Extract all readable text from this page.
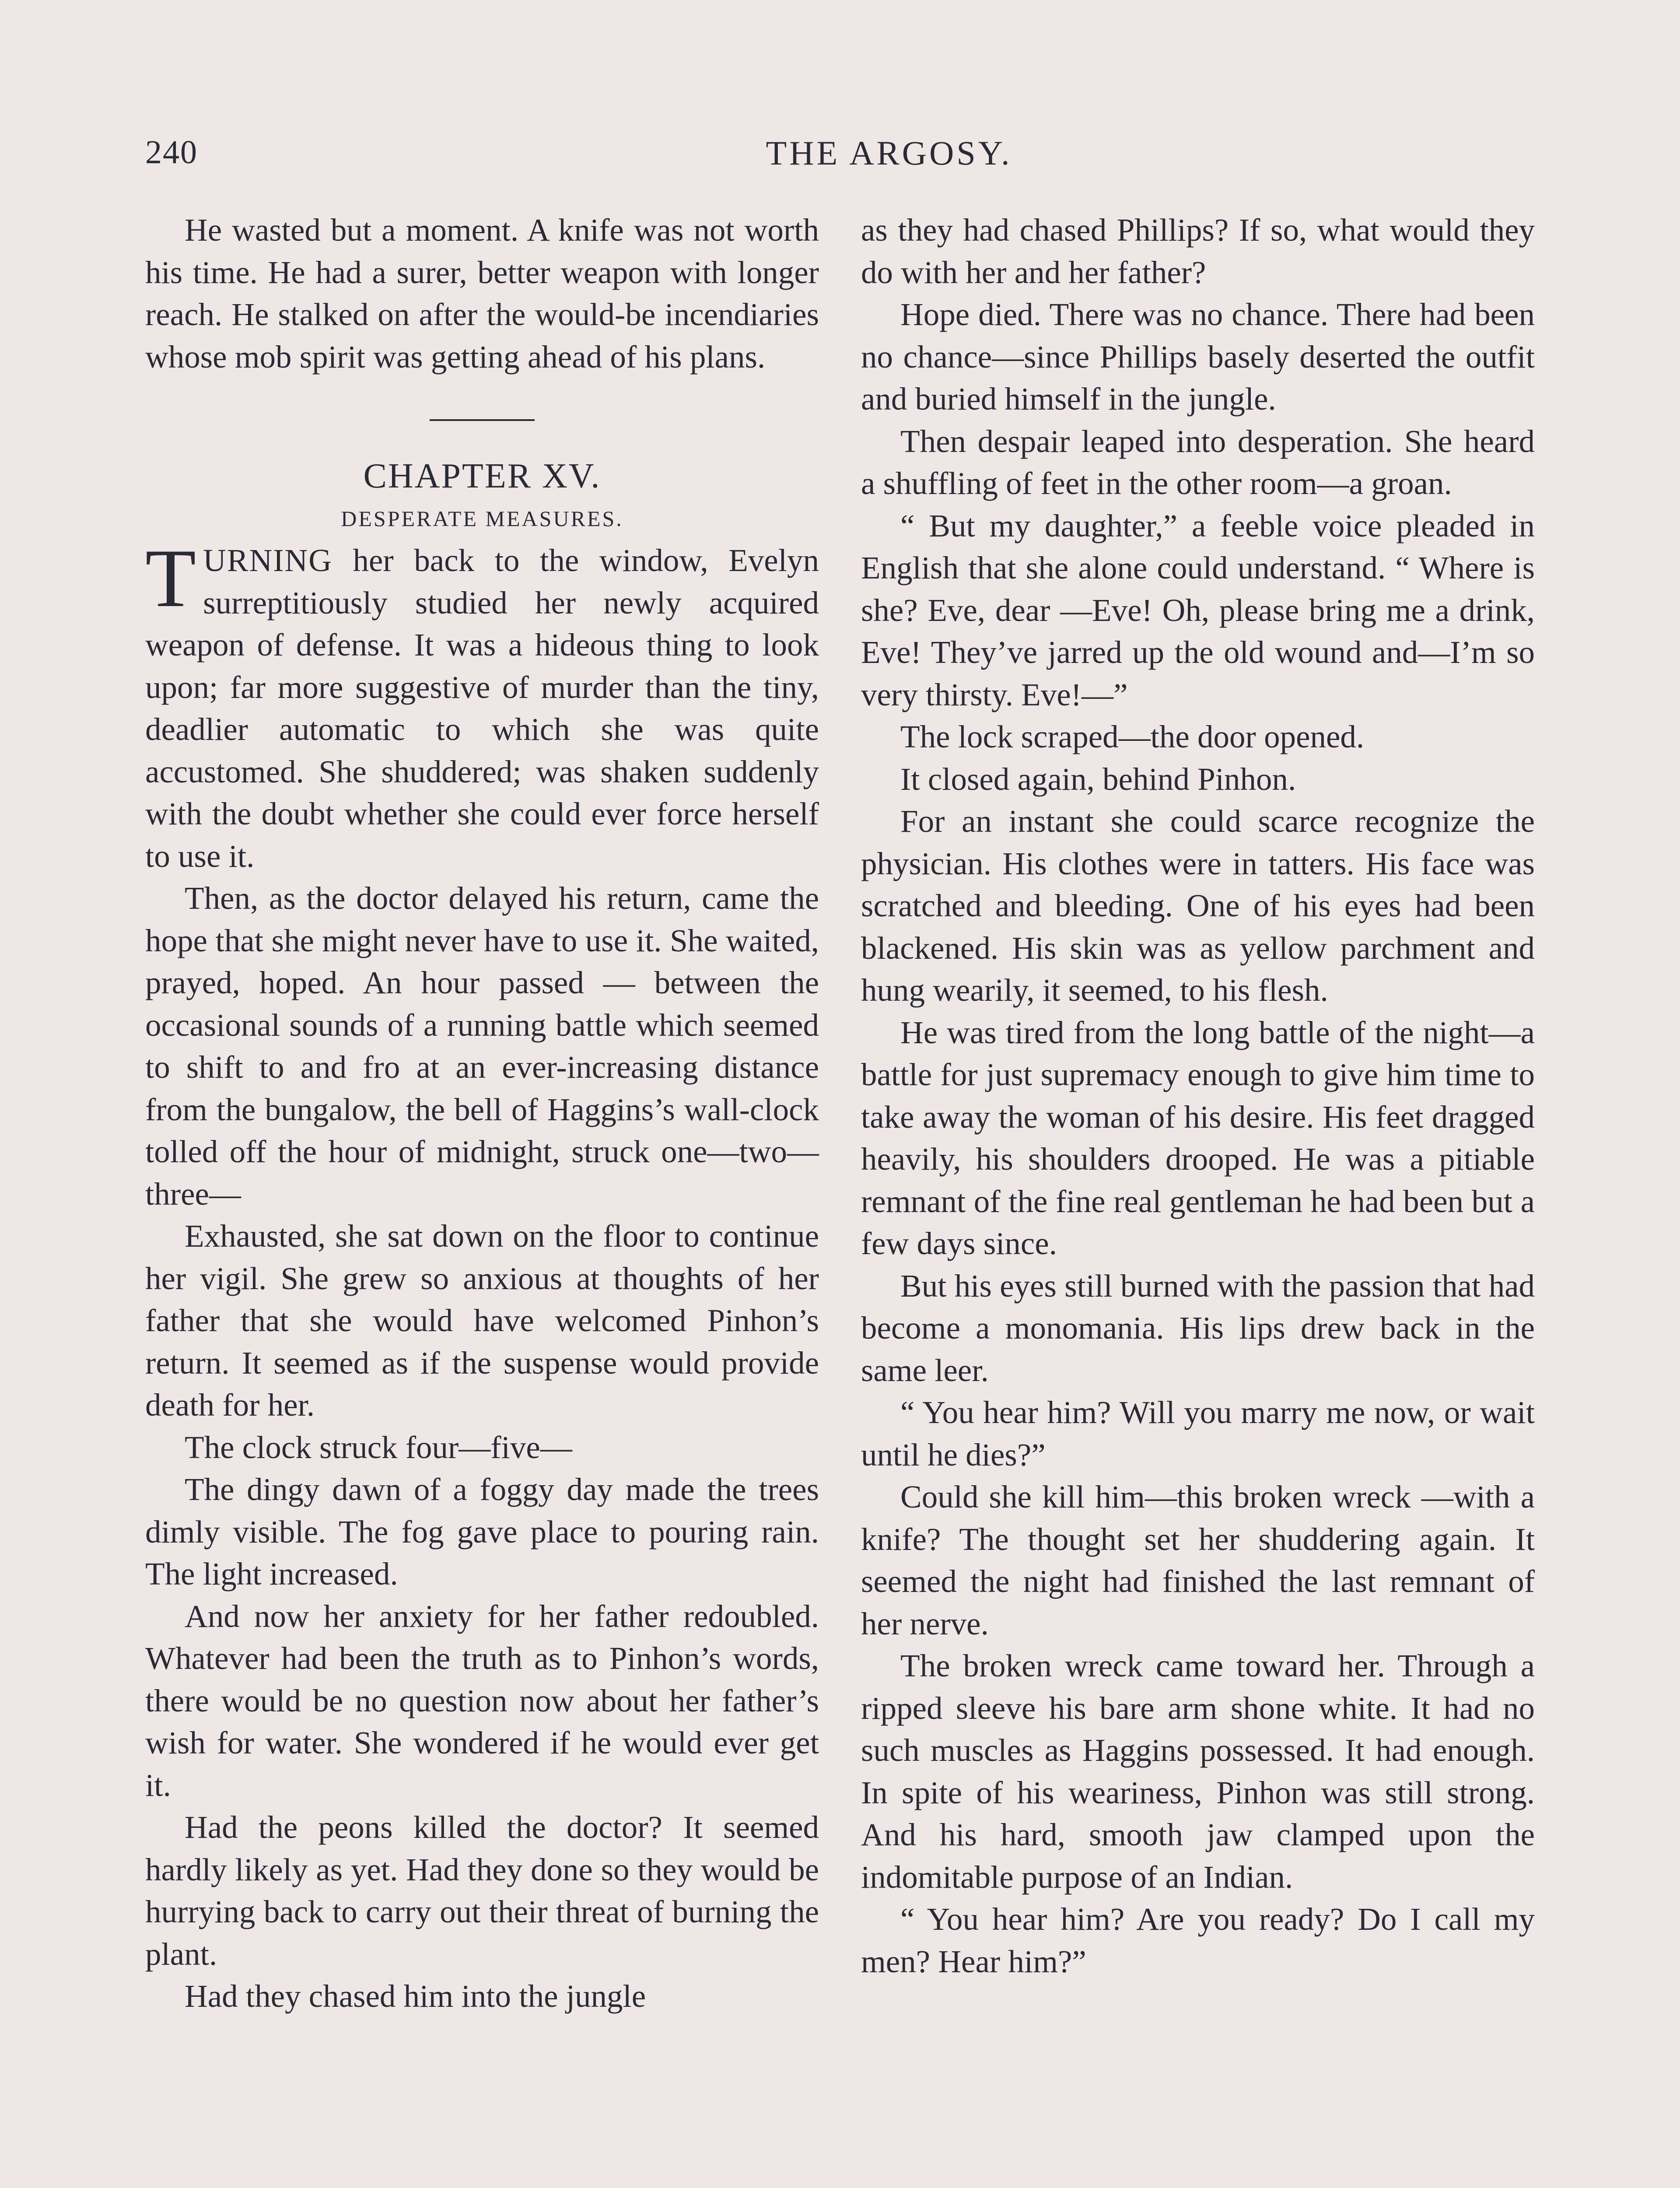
240	THE ARGOSY.

He wasted but a moment. A knife was not worth his time. He had a surer, better weapon with longer reach. He stalked on after the would-be incendiaries whose mob spirit was getting ahead of his plans.

CHAPTER XV.

DESPERATE MEASURES.

TURNING her back to the window, Evelyn surreptitiously studied her newly acquired weapon of defense. It was a hideous thing to look upon; far more suggestive of murder than the tiny, deadlier automatic to which she was quite accustomed. She shuddered; was shaken suddenly with the doubt whether she could ever force herself to use it.

Then, as the doctor delayed his return, came the hope that she might never have to use it. She waited, prayed, hoped. An hour passed — between the occasional sounds of a running battle which seemed to shift to and fro at an ever-increasing distance from the bungalow, the bell of Haggins’s wall-clock tolled off the hour of midnight, struck one—two—three—

Exhausted, she sat down on the floor to continue her vigil. She grew so anxious at thoughts of her father that she would have welcomed Pinhon’s return. It seemed as if the suspense would provide death for her.

The clock struck four—five—

The dingy dawn of a foggy day made the trees dimly visible. The fog gave place to pouring rain. The light increased.

And now her anxiety for her father redoubled. Whatever had been the truth as to Pinhon’s words, there would be no question now about her father’s wish for water. She wondered if he would ever get it.

Had the peons killed the doctor? It seemed hardly likely as yet. Had they done so they would be hurrying back to carry out their threat of burning the plant.

Had they chased him into the jungle

as they had chased Phillips? If so, what would they do with her and her father?

Hope died. There was no chance. There had been no chance—since Phillips basely deserted the outfit and buried himself in the jungle.

Then despair leaped into desperation. She heard a shuffling of feet in the other room—a groan.

“ But my daughter,” a feeble voice pleaded in English that she alone could understand. “ Where is she? Eve, dear —Eve! Oh, please bring me a drink, Eve! They’ve jarred up the old wound and—I’m so very thirsty. Eve!—”

The lock scraped—the door opened.

It closed again, behind Pinhon.

For an instant she could scarce recognize the physician. His clothes were in tatters. His face was scratched and bleeding. One of his eyes had been blackened. His skin was as yellow parchment and hung wearily, it seemed, to his flesh.

He was tired from the long battle of the night—a battle for just supremacy enough to give him time to take away the woman of his desire. His feet dragged heavily, his shoulders drooped. He was a pitiable remnant of the fine real gentleman he had been but a few days since.

But his eyes still burned with the passion that had become a monomania. His lips drew back in the same leer.

“ You hear him? Will you marry me now, or wait until he dies?”

Could she kill him—this broken wreck —with a knife? The thought set her shuddering again. It seemed the night had finished the last remnant of her nerve.

The broken wreck came toward her. Through a ripped sleeve his bare arm shone white. It had no such muscles as Haggins possessed. It had enough. In spite of his weariness, Pinhon was still strong. And his hard, smooth jaw clamped upon the indomitable purpose of an Indian.

“ You hear him? Are you ready? Do I call my men? Hear him?”
